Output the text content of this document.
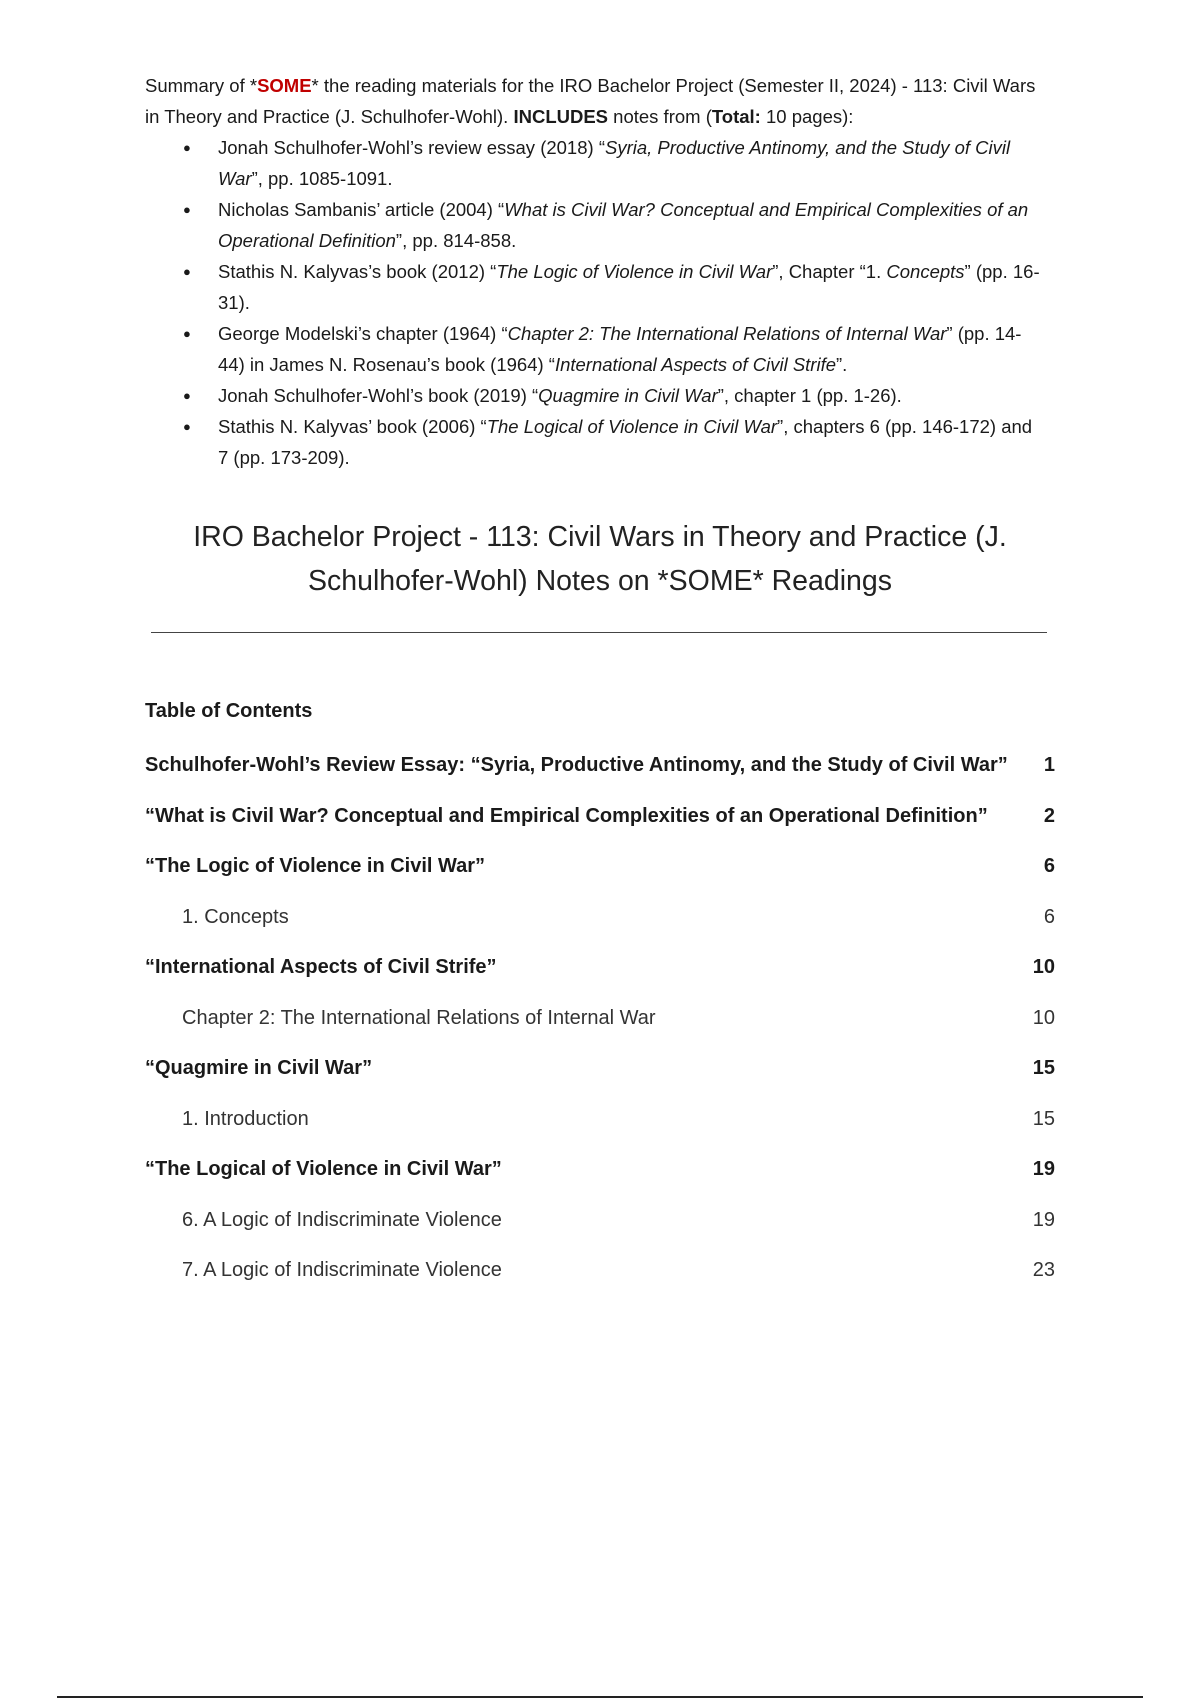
Summary of *SOME* the reading materials for the IRO Bachelor Project (Semester II, 2024) - 113: Civil Wars in Theory and Practice (J. Schulhofer-Wohl). INCLUDES notes from (Total: 10 pages):

● Jonah Schulhofer-Wohl’s review essay (2018) “Syria, Productive Antinomy, and the Study of Civil War”, pp. 1085-1091.
● Nicholas Sambanis’ article (2004) “What is Civil War? Conceptual and Empirical Complexities of an Operational Definition”, pp. 814-858.
● Stathis N. Kalyvas’s book (2012) “The Logic of Violence in Civil War”, Chapter “1. Concepts” (pp. 16-31).
● George Modelski’s chapter (1964) “Chapter 2: The International Relations of Internal War” (pp. 14-44) in James N. Rosenau’s book (1964) “International Aspects of Civil Strife”.
● Jonah Schulhofer-Wohl’s book (2019) “Quagmire in Civil War”, chapter 1 (pp. 1-26).
● Stathis N. Kalyvas’ book (2006) “The Logical of Violence in Civil War”, chapters 6 (pp. 146-172) and 7 (pp. 173-209).
IRO Bachelor Project - 113: Civil Wars in Theory and Practice (J. Schulhofer-Wohl) Notes on *SOME* Readings
Table of Contents
Schulhofer-Wohl’s Review Essay: “Syria, Productive Antinomy, and the Study of Civil War” 1
“What is Civil War? Conceptual and Empirical Complexities of an Operational Definition”	2
“The Logic of Violence in Civil War”	6
1. Concepts	6
“International Aspects of Civil Strife”	10
Chapter 2: The International Relations of Internal War	10
“Quagmire in Civil War”	15
1. Introduction	15
“The Logical of Violence in Civil War”	19
6. A Logic of Indiscriminate Violence	19
7. A Logic of Indiscriminate Violence	23
